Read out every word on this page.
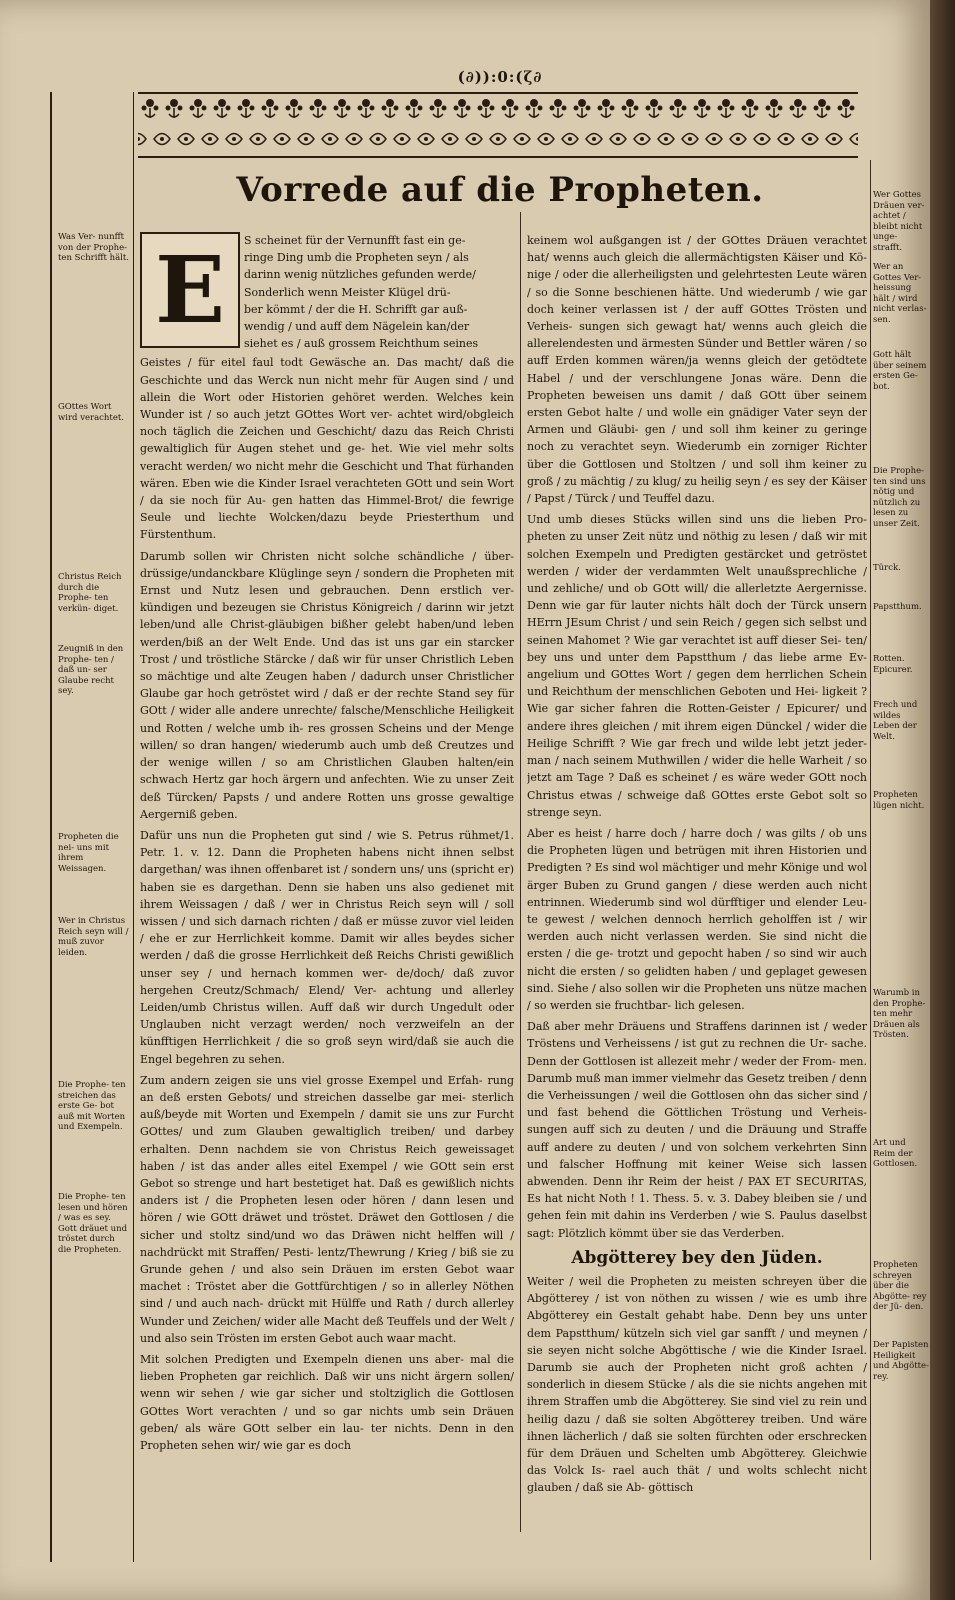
(∂)):0:(ζ∂
Vorrede auf die Propheten.
E	S scheinet für der Vernunfft fast ein ge-
ringe Ding umb die Propheten seyn / als
darinn wenig nützliches gefunden werde/
Sonderlich wenn Meister Klügel drü-
ber kömmt / der die H. Schrifft gar auß-
wendig / und auff dem Nägelein kan/der
siehet es / auß grossem Reichthum seines

Geistes / für eitel faul todt Gewäsche an. Das macht/ daß die Geschichte und das Werck nun nicht mehr für Augen sind / und allein die Wort oder Historien gehöret werden. Welches kein Wunder ist / so auch jetzt GOttes Wort ver- achtet wird/obgleich noch täglich die Zeichen und Geschicht/ dazu das Reich Christi gewaltiglich für Augen stehet und ge- het. Wie viel mehr solts veracht werden/ wo nicht mehr die Geschicht und That fürhanden wären. Eben wie die Kinder Israel verachteten GOtt und sein Wort / da sie noch für Au- gen hatten das Himmel-Brot/ die fewrige Seule und liechte Wolcken/dazu beyde Priesterthum und Fürstenthum.

Darumb sollen wir Christen nicht solche schändliche / über- drüssige/undanckbare Klüglinge seyn / sondern die Propheten mit Ernst und Nutz lesen und gebrauchen. Denn erstlich ver- kündigen und bezeugen sie Christus Königreich / darinn wir jetzt leben/und alle Christ-gläubigen bißher gelebt haben/und leben werden/biß an der Welt Ende. Und das ist uns gar ein starcker Trost / und tröstliche Stärcke / daß wir für unser Christlich Leben so mächtige und alte Zeugen haben / dadurch unser Christlicher Glaube gar hoch getröstet wird / daß er der rechte Stand sey für GOtt / wider alle andere unrechte/ falsche/Menschliche Heiligkeit und Rotten / welche umb ih- res grossen Scheins und der Menge willen/ so dran hangen/ wiederumb auch umb deß Creutzes und der wenige willen / so am Christlichen Glauben halten/ein schwach Hertz gar hoch ärgern und anfechten. Wie zu unser Zeit deß Türcken/ Papsts / und andere Rotten uns grosse gewaltige Aergerniß geben.

Dafür uns nun die Propheten gut sind / wie S. Petrus rühmet/1. Petr. 1. v. 12. Dann die Propheten habens nicht ihnen selbst dargethan/ was ihnen offenbaret ist / sondern uns/ uns (spricht er) haben sie es dargethan. Denn sie haben uns also gedienet mit ihrem Weissagen / daß / wer in Christus Reich seyn will / soll wissen / und sich darnach richten / daß er müsse zuvor viel leiden / ehe er zur Herrlichkeit komme. Damit wir alles beydes sicher werden / daß die grosse Herrlichkeit deß Reichs Christi gewißlich unser sey / und hernach kommen wer- de/doch/ daß zuvor hergehen Creutz/Schmach/ Elend/ Ver- achtung und allerley Leiden/umb Christus willen. Auff daß wir durch Ungedult oder Unglauben nicht verzagt werden/ noch verzweifeln an der künfftigen Herrlichkeit / die so groß seyn wird/daß sie auch die Engel begehren zu sehen.

Zum andern zeigen sie uns viel grosse Exempel und Erfah- rung an deß ersten Gebots/ und streichen dasselbe gar mei- sterlich auß/beyde mit Worten und Exempeln / damit sie uns zur Furcht GOttes/ und zum Glauben gewaltiglich treiben/ und darbey erhalten. Denn nachdem sie von Christus Reich geweissaget haben / ist das ander alles eitel Exempel / wie GOtt sein erst Gebot so strenge und hart bestetiget hat. Daß es gewißlich nichts anders ist / die Propheten lesen oder hören / dann lesen und hören / wie GOtt dräwet und tröstet. Dräwet den Gottlosen / die sicher und stoltz sind/und wo das Dräwen nicht helffen will / nachdrückt mit Straffen/ Pesti- lentz/Thewrung / Krieg / biß sie zu Grunde gehen / und also sein Dräuen im ersten Gebot waar machet : Tröstet aber die Gottfürchtigen / so in allerley Nöthen sind / und auch nach- drückt mit Hülffe und Rath / durch allerley Wunder und Zeichen/ wider alle Macht deß Teuffels und der Welt / und also sein Trösten im ersten Gebot auch waar macht.

Mit solchen Predigten und Exempeln dienen uns aber- mal die lieben Propheten gar reichlich. Daß wir uns nicht ärgern sollen/ wenn wir sehen / wie gar sicher und stoltziglich die Gottlosen GOttes Wort verachten / und so gar nichts umb sein Dräuen geben/ als wäre GOtt selber ein lau- ter nichts. Denn in den Propheten sehen wir/ wie gar es doch

keinem wol außgangen ist / der GOttes Dräuen verachtet hat/ wenns auch gleich die allermächtigsten Käiser und Kö- nige / oder die allerheiligsten und gelehrtesten Leute wären / so die Sonne beschienen hätte. Und wiederumb / wie gar doch keiner verlassen ist / der auff GOttes Trösten und Verheis- sungen sich gewagt hat/ wenns auch gleich die allerelendesten und ärmesten Sünder und Bettler wären / so auff Erden kommen wären/ja wenns gleich der getödtete Habel / und der verschlungene Jonas wäre. Denn die Propheten beweisen uns damit / daß GOtt über seinem ersten Gebot halte / und wolle ein gnädiger Vater seyn der Armen und Gläubi- gen / und soll ihm keiner zu geringe noch zu verachtet seyn. Wiederumb ein zorniger Richter über die Gottlosen und Stoltzen / und soll ihm keiner zu groß / zu mächtig / zu klug/ zu heilig seyn / es sey der Käiser / Papst / Türck / und Teuffel dazu.

Und umb dieses Stücks willen sind uns die lieben Pro- pheten zu unser Zeit nütz und nöthig zu lesen / daß wir mit solchen Exempeln und Predigten gestärcket und getröstet werden / wider der verdammten Welt unaußsprechliche / und zehliche/ und ob GOtt will/ die allerletzte Aergernisse. Denn wie gar für lauter nichts hält doch der Türck unsern HErrn JEsum Christ / und sein Reich / gegen sich selbst und seinen Mahomet ? Wie gar verachtet ist auff dieser Sei- ten/ bey uns und unter dem Papstthum / das liebe arme Ev- angelium und GOttes Wort / gegen dem herrlichen Schein und Reichthum der menschlichen Geboten und Hei- ligkeit ? Wie gar sicher fahren die Rotten-Geister / Epicurer/ und andere ihres gleichen / mit ihrem eigen Dünckel / wider die Heilige Schrifft ? Wie gar frech und wilde lebt jetzt jeder- man / nach seinem Muthwillen / wider die helle Warheit / so jetzt am Tage ? Daß es scheinet / es wäre weder GOtt noch Christus etwas / schweige daß GOttes erste Gebot solt so strenge seyn.

Aber es heist / harre doch / harre doch / was gilts / ob uns die Propheten lügen und betrügen mit ihren Historien und Predigten ? Es sind wol mächtiger und mehr Könige und wol ärger Buben zu Grund gangen / diese werden auch nicht entrinnen. Wiederumb sind wol dürfftiger und elender Leu- te gewest / welchen dennoch herrlich geholffen ist / wir werden auch nicht verlassen werden. Sie sind nicht die ersten / die ge- trotzt und gepocht haben / so sind wir auch nicht die ersten / so gelidten haben / und geplaget gewesen sind. Siehe / also sollen wir die Propheten uns nütze machen / so werden sie fruchtbar- lich gelesen.

Daß aber mehr Dräuens und Straffens darinnen ist / weder Tröstens und Verheissens / ist gut zu rechnen die Ur- sache. Denn der Gottlosen ist allezeit mehr / weder der From- men. Darumb muß man immer vielmehr das Gesetz treiben / denn die Verheissungen / weil die Gottlosen ohn das sicher sind / und fast behend die Göttlichen Tröstung und Verheis- sungen auff sich zu deuten / und die Dräuung und Straffe auff andere zu deuten / und von solchem verkehrten Sinn und falscher Hoffnung mit keiner Weise sich lassen abwenden. Denn ihr Reim der heist / PAX ET SECURITAS, Es hat nicht Noth ! 1. Thess. 5. v. 3. Dabey bleiben sie / und gehen fein mit dahin ins Verderben / wie S. Paulus daselbst sagt: Plötzlich kömmt über sie das Verderben.

Abgötterey bey den Jüden.

Weiter / weil die Propheten zu meisten schreyen über die Abgötterey / ist von nöthen zu wissen / wie es umb ihre Abgötterey ein Gestalt gehabt habe. Denn bey uns unter dem Papstthum/ kützeln sich viel gar sanfft / und meynen / sie seyen nicht solche Abgöttische / wie die Kinder Israel. Darumb sie auch der Propheten nicht groß achten / sonderlich in diesem Stücke / als die sie nichts angehen mit ihrem Straffen umb die Abgötterey. Sie sind viel zu rein und heilig dazu / daß sie solten Abgötterey treiben. Und wäre ihnen lächerlich / daß sie solten fürchten oder erschrecken für dem Dräuen und Schelten umb Abgötterey. Gleichwie das Volck Is- rael auch thät / und wolts schlecht nicht glauben / daß sie Ab- göttisch

Was Ver- nunfft von der Prophe- ten Schrifft hält.
GOttes Wort wird verachtet.
Christus Reich durch die Prophe- ten verkün- diget.
Zeugniß in den Prophe- ten / daß un- ser Glaube recht sey.
Propheten die nei- uns mit ihrem Weissagen.
Wer in Christus Reich seyn will / muß zuvor leiden.
Die Prophe- ten streichen das erste Ge- bot auß mit Worten und Exempeln.
Die Prophe- ten lesen und hören / was es sey. Gott dräuet und tröstet durch die Propheten.
Wer Gottes Dräuen ver- achtet / bleibt nicht unge- strafft.
Wer an Gottes Ver- heissung hält / wird nicht verlas- sen.
Gott hält über seinem ersten Ge- bot.
Die Prophe- ten sind uns nötig und nützlich zu lesen zu unser Zeit.
Türck.
Papstthum.
Rotten. Epicurer.
Frech und wildes Leben der Welt.
Propheten lügen nicht.
Warumb in den Prophe- ten mehr Dräuen als Trösten.
Art und Reim der Gottlosen.
Propheten schreyen über die Abgötte- rey der Jü- den.
Der Papisten Heiligkeit und Abgötte- rey.
